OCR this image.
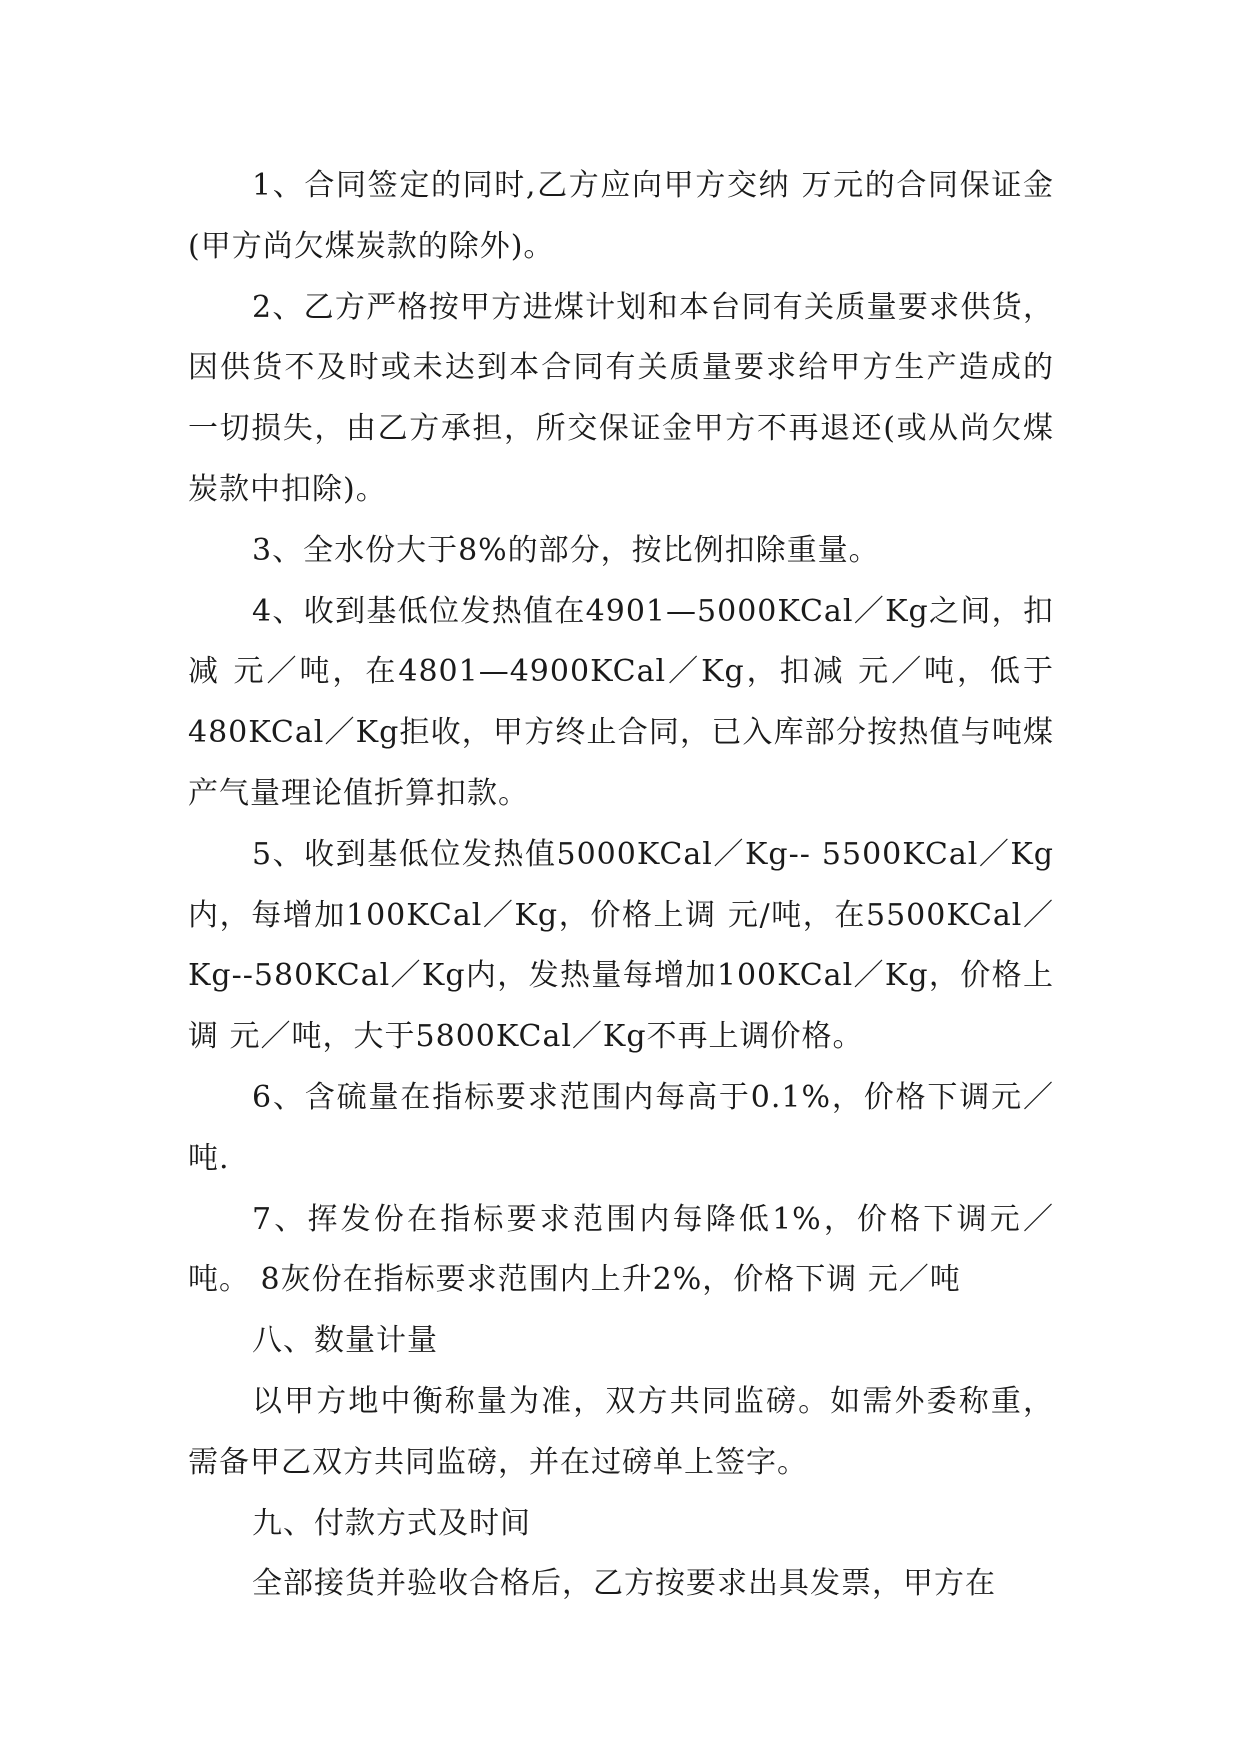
1、合同签定的同时,乙方应向甲方交纳 万元的合同保证金(甲方尚欠煤炭款的除外)。

2、乙方严格按甲方进煤计划和本台同有关质量要求供货，因供货不及时或未达到本合同有关质量要求给甲方生产造成的一切损失，由乙方承担，所交保证金甲方不再退还(或从尚欠煤炭款中扣除)。

3、全水份大于8%的部分，按比例扣除重量。

4、收到基低位发热值在4901—5000KCal／Kg之间，扣减 元／吨，在4801—4900KCal／Kg，扣减 元／吨，低于480KCal／Kg拒收，甲方终止合同，已入库部分按热值与吨煤产气量理论值折算扣款。

5、收到基低位发热值5000KCal／Kg-- 5500KCal／Kg内，每增加100KCal／Kg，价格上调 元/吨，在5500KCal／Kg--580KCal／Kg内，发热量每增加100KCal／Kg，价格上调 元／吨，大于5800KCal／Kg不再上调价格。

6、含硫量在指标要求范围内每高于0.1%，价格下调元／吨.

7、挥发份在指标要求范围内每降低1%，价格下调元／吨。 8灰份在指标要求范围内上升2%，价格下调 元／吨

八、数量计量

以甲方地中衡称量为准，双方共同监磅。如需外委称重，需备甲乙双方共同监磅，并在过磅单上签字。

九、付款方式及时间

全部接货并验收合格后，乙方按要求出具发票，甲方在
